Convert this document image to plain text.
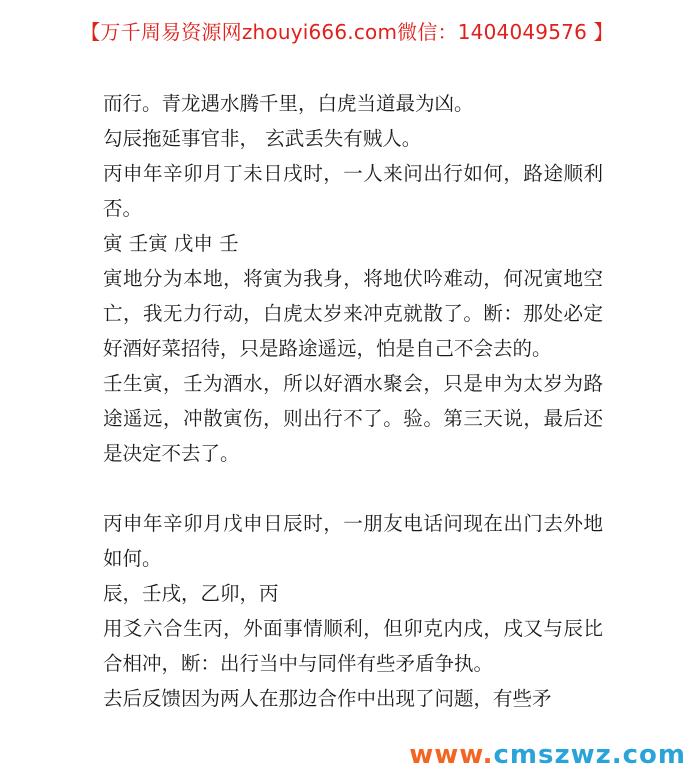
【万千周易资源网zhouyi666.com微信：1404049576 】

而行。青龙遇水腾千里，白虎当道最为凶。

勾辰拖延事官非， 玄武丢失有贼人。

丙申年辛卯月丁未日戌时，一人来问出行如何，路途顺利否。

寅 壬寅 戊申 壬

寅地分为本地，将寅为我身，将地伏吟难动，何况寅地空亡，我无力行动，白虎太岁来冲克就散了。断：那处必定好酒好菜招待，只是路途遥远，怕是自己不会去的。

壬生寅，壬为酒水，所以好酒水聚会，只是申为太岁为路途遥远，冲散寅伤，则出行不了。验。第三天说，最后还是决定不去了。

丙申年辛卯月戊申日辰时，一朋友电话问现在出门去外地如何。

辰，壬戌，乙卯，丙

用爻六合生丙，外面事情顺利，但卯克内戌，戌又与辰比合相冲，断：出行当中与同伴有些矛盾争执。

去后反馈因为两人在那边合作中出现了问题，有些矛

www.cmszwz.com
